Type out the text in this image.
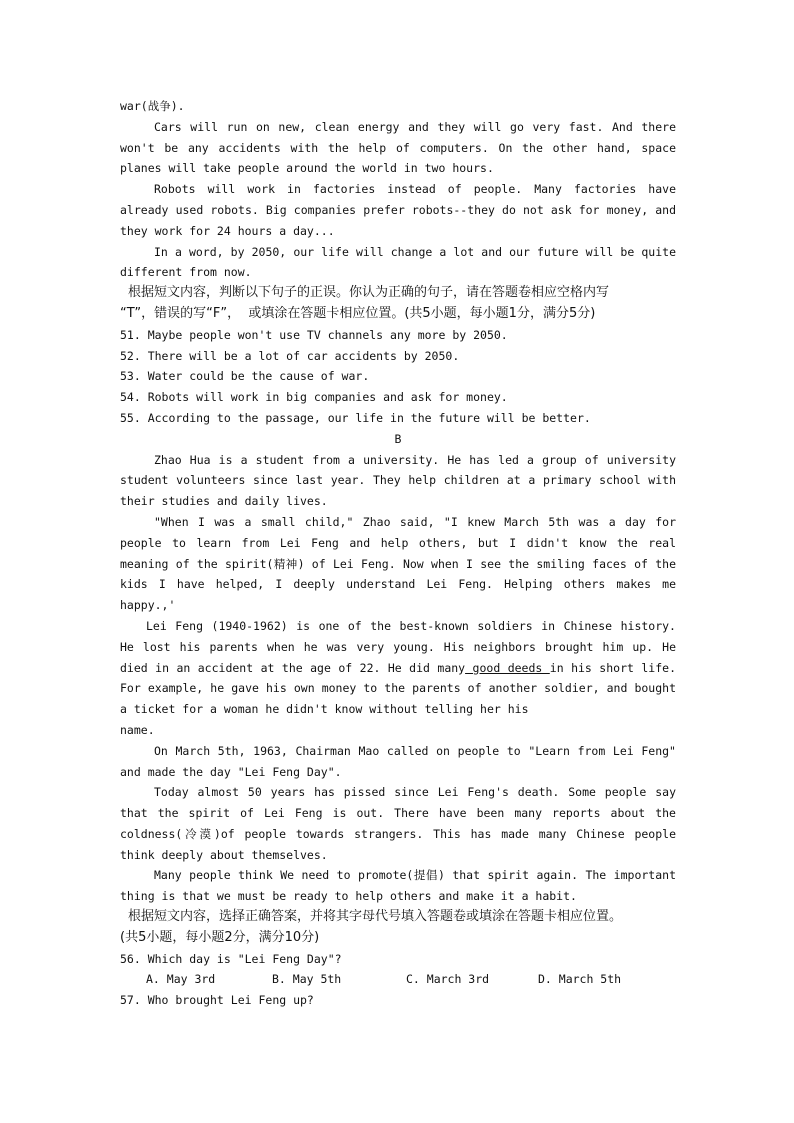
war(战争).
Cars will run on new, clean energy and they will go very fast. And there won't be any accidents with the help of computers. On the other hand, space planes will take people around the world in two hours.
Robots will work in factories instead of people. Many factories have already used robots. Big companies prefer robots--they do not ask for money, and they work for 24 hours a day...
In a word, by 2050, our life will change a lot and our future will be quite different from now.
根据短文内容，判断以下句子的正误。你认为正确的句子，请在答题卷相应空格内写
“T”，错误的写“F”，  或填涂在答题卡相应位置。(共5小题，每小题1分，满分5分)
51. Maybe people won't use TV channels any more by 2050.
52. There will be a lot of car accidents by 2050.
53. Water could be the cause of war.
54. Robots will work in big companies and ask for money.
55. According to the passage, our life in the future will be better.
B
Zhao Hua is a student from a university. He has led a group of university student volunteers since last year. They help children at a primary school with their studies and daily lives.
"When I was a small child," Zhao said, "I knew March 5th was a day for people to learn from Lei Feng and help others, but I didn't know the real meaning of the spirit(精神) of Lei Feng. Now when I see the smiling faces of the kids I have helped, I deeply understand Lei Feng. Helping others makes me happy.,'
Lei Feng (1940-1962) is one of the best-known soldiers in Chinese history. He lost his parents when he was very young. His neighbors brought him up. He died in an accident at the age of 22. He did many good deeds in his short life. For example, he gave his own money to the parents of another soldier, and bought a ticket for a woman he didn't know without telling her his
name.
On March 5th, 1963, Chairman Mao called on people to "Learn from Lei Feng" and made the day "Lei Feng Day".
Today almost 50 years has pissed since Lei Feng's death. Some people say that the spirit of Lei Feng is out. There have been many reports about the coldness(冷漠)of people towards strangers. This has made many Chinese people think deeply about themselves.
Many people think We need to promote(提倡) that spirit again. The important thing is that we must be ready to help others and make it a habit.
根据短文内容，选择正确答案，并将其字母代号填入答题卷或填涂在答题卡相应位置。
(共5小题，每小题2分，满分10分)
56. Which day is "Lei Feng Day"?
A. May 3rd	B. May 5th	C. March 3rd	D. March 5th
57. Who brought Lei Feng up?
